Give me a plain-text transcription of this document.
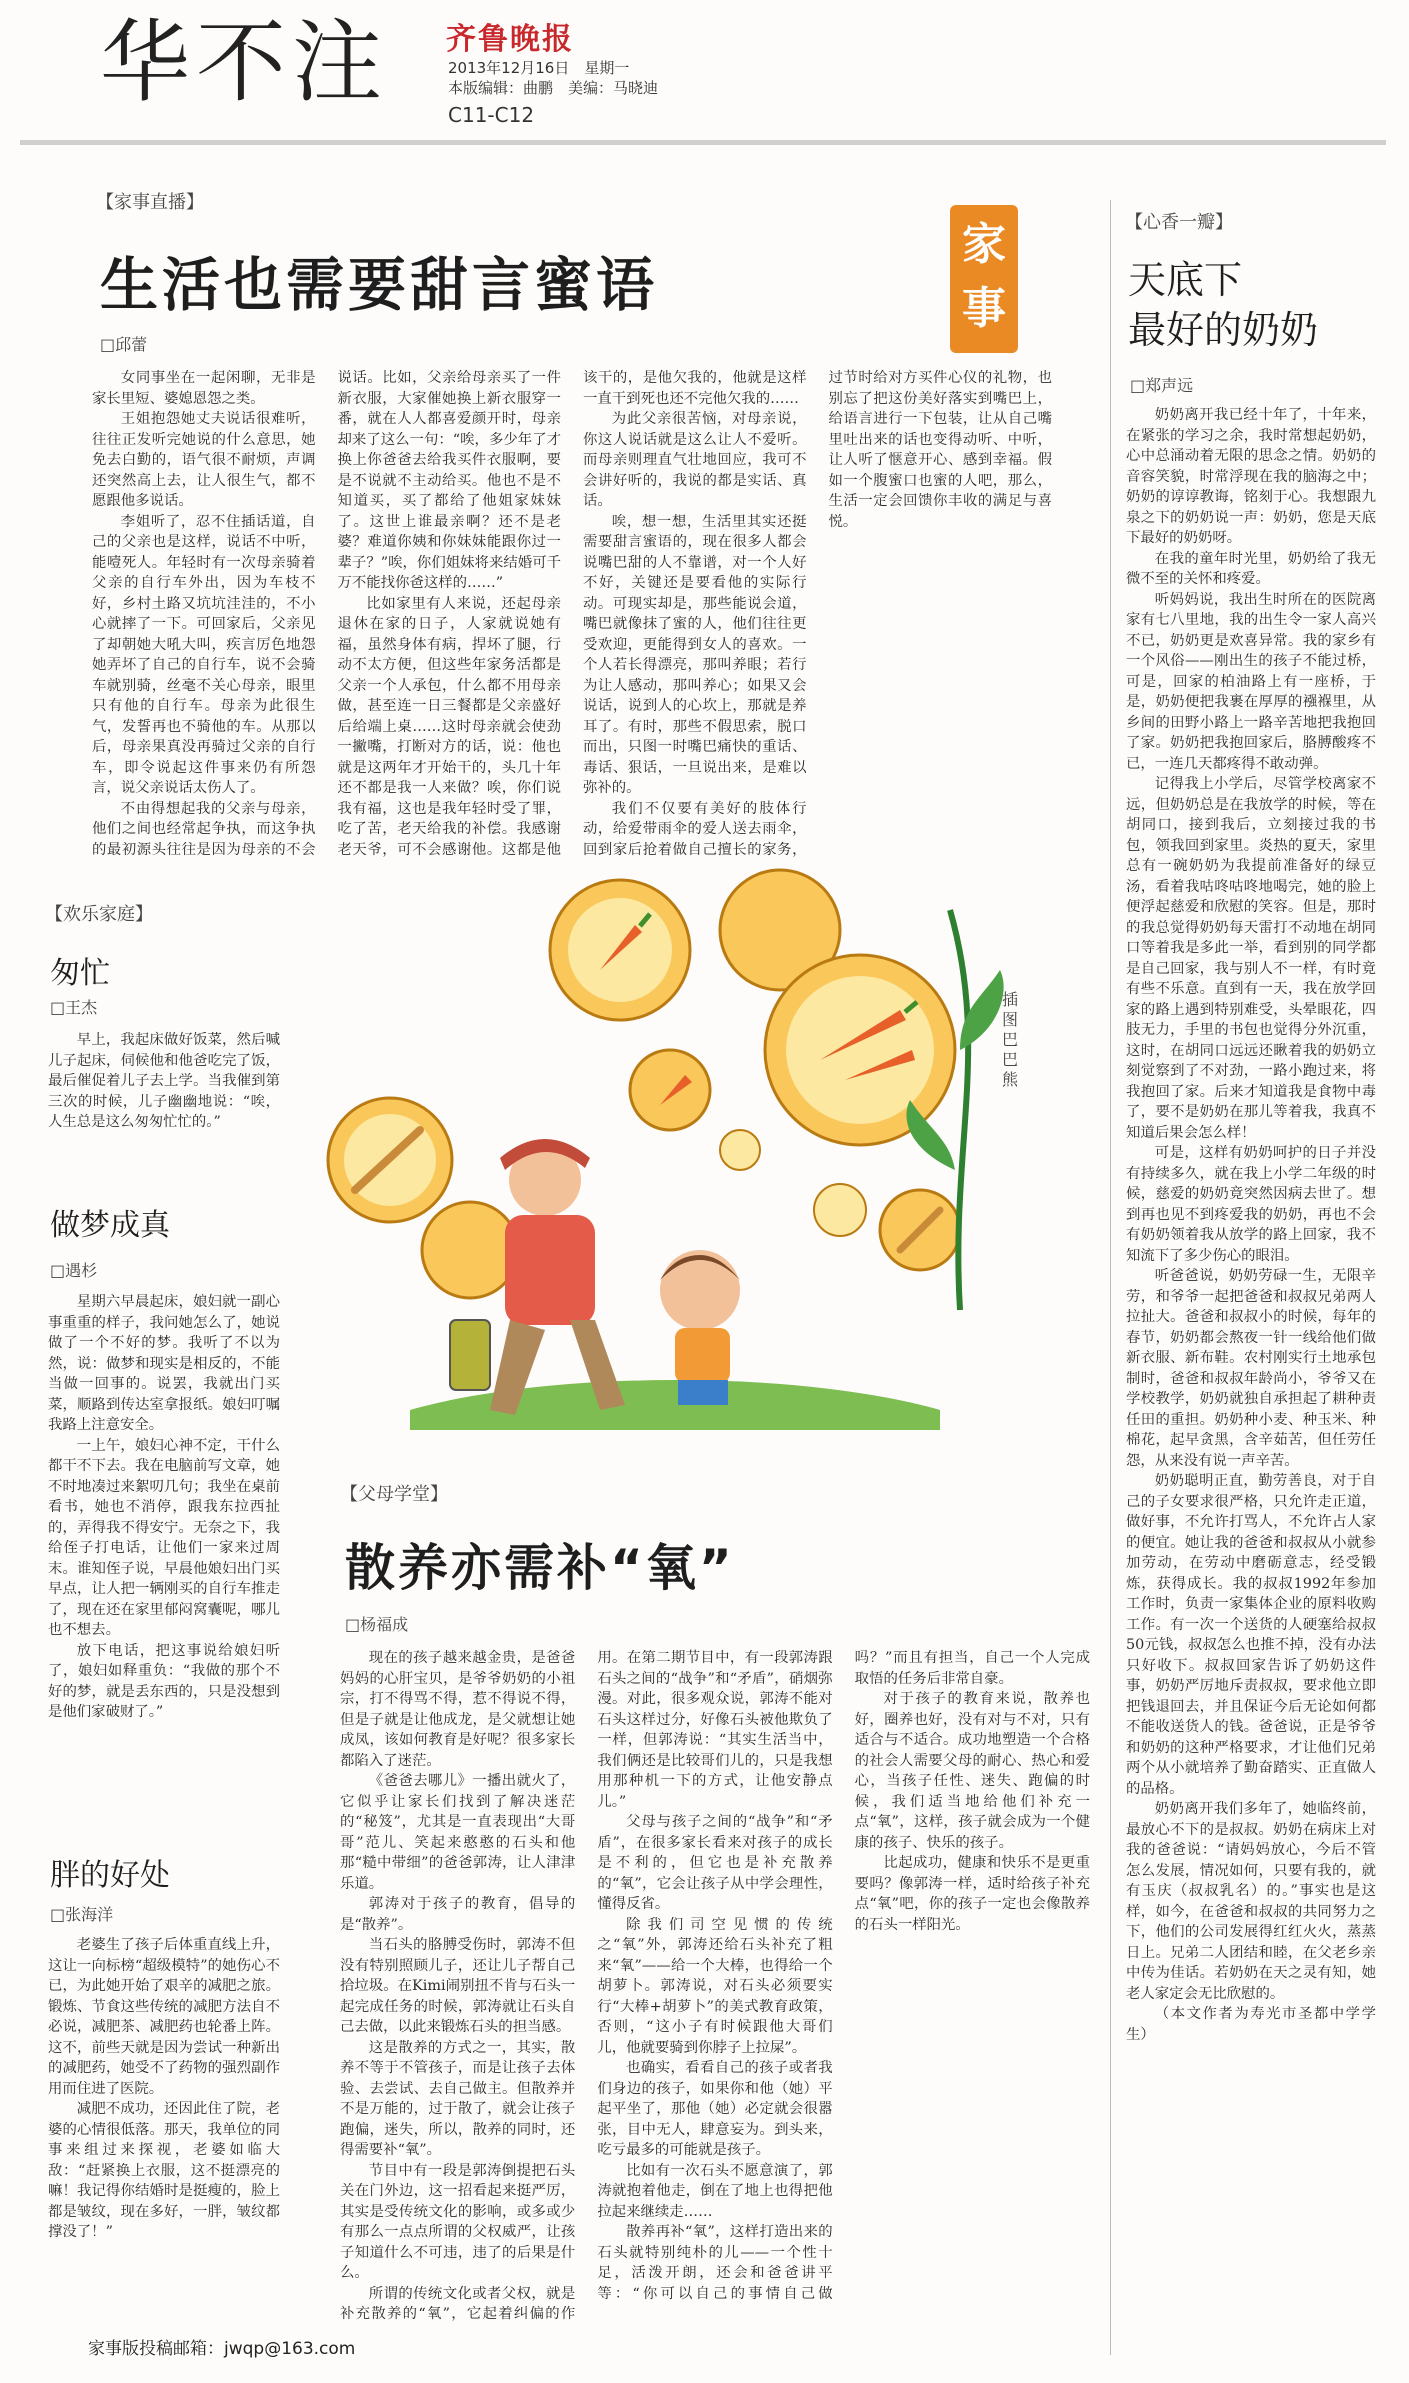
华不注 齐鲁晚报
2013年12月16日　星期一
本版编辑：曲鹏　美编：马晓迪
C11-C12
【家事直播】
生活也需要甜言蜜语
□邱蕾
家事

女同事坐在一起闲聊，无非是家长里短、婆媳恩怨之类。

王姐抱怨她丈夫说话很难听，往往正发听完她说的什么意思，她免去白勤的，语气很不耐烦，声调还突然高上去，让人很生气，都不愿跟他多说话。

李姐听了，忍不住插话道，自己的父亲也是这样，说话不中听，能噎死人。年轻时有一次母亲骑着父亲的自行车外出，因为车枝不好，乡村土路又坑坑洼洼的，不小心就摔了一下。可回家后，父亲见了却朝她大吼大叫，疾言厉色地怨她弄坏了自己的自行车，说不会骑车就别骑，丝毫不关心母亲，眼里只有他的自行车。母亲为此很生气，发誓再也不骑他的车。从那以后，母亲果真没再骑过父亲的自行车，即令说起这件事来仍有所怨言，说父亲说话太伤人了。

不由得想起我的父亲与母亲，他们之间也经常起争执，而这争执的最初源头往往是因为母亲的不会说话。比如，父亲给母亲买了一件新衣服，大家催她换上新衣服穿一番，就在人人都喜爱颜开时，母亲却来了这么一句：“唉，多少年了才换上你爸爸去给我买件衣服啊，要是不说就不主动给买。他也不是不知道买，买了都给了他姐家妹妹了。这世上谁最亲啊？还不是老婆？难道你姨和你妹妹能跟你过一辈子？”唉，你们姐妹将来结婚可千万不能找你爸这样的……”

比如家里有人来说，还起母亲退休在家的日子，人家就说她有福，虽然身体有病，捍坏了腿，行动不太方便，但这些年家务活都是父亲一个人承包，什么都不用母亲做，甚至连一日三餐都是父亲盛好后给端上桌……这时母亲就会使劲一撇嘴，打断对方的话，说：他也就是这两年才开始干的，头几十年还不都是我一人来做？唉，你们说我有福，这也是我年轻时受了罪，吃了苦，老天给我的补偿。我感谢老天爷，可不会感谢他。这都是他该干的，是他欠我的，他就是这样一直干到死也还不完他欠我的……

为此父亲很苦恼，对母亲说，你这人说话就是这么让人不爱听。而母亲则理直气壮地回应，我可不会讲好听的，我说的都是实话、真话。

唉，想一想，生活里其实还挺需要甜言蜜语的，现在很多人都会说嘴巴甜的人不靠谱，对一个人好不好，关键还是要看他的实际行动。可现实却是，那些能说会道，嘴巴就像抹了蜜的人，他们往往更受欢迎，更能得到女人的喜欢。一个人若长得漂亮，那叫养眼；若行为让人感动，那叫养心；如果又会说话，说到人的心坎上，那就是养耳了。有时，那些不假思索，脱口而出，只图一时嘴巴痛快的重话、毒话、狠话，一旦说出来，是难以弥补的。

我们不仅要有美好的肢体行动，给爱带雨伞的爱人送去雨伞，回到家后抢着做自己擅长的家务，过节时给对方买件心仪的礼物，也别忘了把这份美好落实到嘴巴上，给语言进行一下包装，让从自己嘴里吐出来的话也变得动听、中听，让人听了惬意开心、感到幸福。假如一个腹蜜口也蜜的人吧，那么，生活一定会回馈你丰收的满足与喜悦。

【心香一瓣】
天底下
最好的奶奶
□郑声远

奶奶离开我已经十年了，十年来，在紧张的学习之余，我时常想起奶奶，心中总涌动着无限的思念之情。奶奶的音容笑貌，时常浮现在我的脑海之中；奶奶的谆谆教诲，铭刻于心。我想跟九泉之下的奶奶说一声：奶奶，您是天底下最好的奶奶呀。

在我的童年时光里，奶奶给了我无微不至的关怀和疼爱。

听妈妈说，我出生时所在的医院离家有七八里地，我的出生令一家人高兴不已，奶奶更是欢喜异常。我的家乡有一个风俗——刚出生的孩子不能过桥，可是，回家的柏油路上有一座桥，于是，奶奶便把我裹在厚厚的襁褓里，从乡间的田野小路上一路辛苦地把我抱回了家。奶奶把我抱回家后，胳膊酸疼不已，一连几天都疼得不敢动弹。

记得我上小学后，尽管学校离家不远，但奶奶总是在我放学的时候，等在胡同口，接到我后，立刻接过我的书包，领我回到家里。炎热的夏天，家里总有一碗奶奶为我提前准备好的绿豆汤，看着我咕咚咕咚地喝完，她的脸上便浮起慈爱和欣慰的笑容。但是，那时的我总觉得奶奶每天雷打不动地在胡同口等着我是多此一举，看到别的同学都是自己回家，我与别人不一样，有时竟有些不乐意。直到有一天，我在放学回家的路上遇到特别难受，头晕眼花，四肢无力，手里的书包也觉得分外沉重，这时，在胡同口远远还瞅着我的奶奶立刻觉察到了不对劲，一路小跑过来，将我抱回了家。后来才知道我是食物中毒了，要不是奶奶在那儿等着我，我真不知道后果会怎么样！

可是，这样有奶奶呵护的日子并没有持续多久，就在我上小学二年级的时候，慈爱的奶奶竟突然因病去世了。想到再也见不到疼爱我的奶奶，再也不会有奶奶领着我从放学的路上回家，我不知流下了多少伤心的眼泪。

听爸爸说，奶奶劳碌一生，无限辛劳，和爷爷一起把爸爸和叔叔兄弟两人拉扯大。爸爸和叔叔小的时候，每年的春节，奶奶都会熬夜一针一线给他们做新衣服、新布鞋。农村刚实行土地承包制时，爸爸和叔叔年龄尚小，爷爷又在学校教学，奶奶就独自承担起了耕种责任田的重担。奶奶种小麦、种玉米、种棉花，起早贪黑，含辛茹苦，但任劳任怨，从来没有说一声辛苦。

奶奶聪明正直，勤劳善良，对于自己的子女要求很严格，只允许走正道，做好事，不允许打骂人，不允许占人家的便宜。她让我的爸爸和叔叔从小就参加劳动，在劳动中磨砺意志，经受锻炼，获得成长。我的叔叔1992年参加工作时，负责一家集体企业的原料收购工作。有一次一个送货的人硬塞给叔叔50元钱，叔叔怎么也推不掉，没有办法只好收下。叔叔回家告诉了奶奶这件事，奶奶严厉地斥责叔叔，要求他立即把钱退回去，并且保证今后无论如何都不能收送货人的钱。爸爸说，正是爷爷和奶奶的这种严格要求，才让他们兄弟两个从小就培养了勤奋踏实、正直做人的品格。

奶奶离开我们多年了，她临终前，最放心不下的是叔叔。奶奶在病床上对我的爸爸说：“请妈妈放心，今后不管怎么发展，情况如何，只要有我的，就有玉庆（叔叔乳名）的。”事实也是这样，如今，在爸爸和叔叔的共同努力之下，他们的公司发展得红红火火，蒸蒸日上。兄弟二人团结和睦，在父老乡亲中传为佳话。若奶奶在天之灵有知，她老人家定会无比欣慰的。

（本文作者为寿光市圣都中学学生）

【欢乐家庭】
匆忙
□王杰

早上，我起床做好饭菜，然后喊儿子起床，伺候他和他爸吃完了饭，最后催促着儿子去上学。当我催到第三次的时候，儿子幽幽地说：“唉，人生总是这么匆匆忙忙的。”

做梦成真
□遇杉

星期六早晨起床，娘妇就一副心事重重的样子，我问她怎么了，她说做了一个不好的梦。我听了不以为然，说：做梦和现实是相反的，不能当做一回事的。说罢，我就出门买菜，顺路到传达室拿报纸。娘妇叮嘱我路上注意安全。

一上午，娘妇心神不定，干什么都干不下去。我在电脑前写文章，她不时地凑过来絮叨几句；我坐在桌前看书，她也不消停，跟我东拉西扯的，弄得我不得安宁。无奈之下，我给侄子打电话，让他们一家来过周末。谁知侄子说，早晨他娘妇出门买早点，让人把一辆刚买的自行车推走了，现在还在家里郁闷窝囊呢，哪儿也不想去。

放下电话，把这事说给娘妇听了，娘妇如释重负：“我做的那个不好的梦，就是丢东西的，只是没想到是他们家破财了。”

胖的好处
□张海洋

老婆生了孩子后体重直线上升，这让一向标榜“超级模特”的她伤心不已，为此她开始了艰辛的减肥之旅。锻炼、节食这些传统的减肥方法自不必说，减肥茶、减肥药也轮番上阵。这不，前些天就是因为尝试一种新出的减肥药，她受不了药物的强烈副作用而住进了医院。

减肥不成功，还因此住了院，老婆的心情很低落。那天，我单位的同事来组过来探视，老婆如临大敌：“赶紧换上衣服，这不挺漂亮的嘛！我记得你结婚时是挺瘦的，脸上都是皱纹，现在多好，一胖，皱纹都撑没了！”

【父母学堂】
散养亦需补“氧”
□杨福成

现在的孩子越来越金贵，是爸爸妈妈的心肝宝贝，是爷爷奶奶的小祖宗，打不得骂不得，惹不得说不得，但是子就是让他成龙，是父就想让她成凤，该如何教育是好呢？很多家长都陷入了迷茫。

《爸爸去哪儿》一播出就火了，它似乎让家长们找到了解决迷茫的“秘笈”，尤其是一直表现出“大哥哥”范儿、笑起来憨憨的石头和他那“糙中带细”的爸爸郭涛，让人津津乐道。

郭涛对于孩子的教育，倡导的是“散养”。

当石头的胳膊受伤时，郭涛不但没有特别照顾儿子，还让儿子帮自己拾垃圾。在Kimi闹别扭不肯与石头一起完成任务的时候，郭涛就让石头自己去做，以此来锻炼石头的担当感。

这是散养的方式之一，其实，散养不等于不管孩子，而是让孩子去体验、去尝试、去自己做主。但散养并不是万能的，过于散了，就会让孩子跑偏，迷失，所以，散养的同时，还得需要补“氧”。

节目中有一段是郭涛倒提把石头关在门外边，这一招看起来挺严厉，其实是受传统文化的影响，或多或少有那么一点点所谓的父权威严，让孩子知道什么不可违，违了的后果是什么。

所谓的传统文化或者父权，就是补充散养的“氧”，它起着纠偏的作用。在第二期节目中，有一段郭涛跟石头之间的“战争”和“矛盾”，硝烟弥漫。对此，很多观众说，郭涛不能对石头这样过分，好像石头被他欺负了一样，但郭涛说：“其实生活当中，我们俩还是比较哥们儿的，只是我想用那种机一下的方式，让他安静点儿。”

父母与孩子之间的“战争”和“矛盾”，在很多家长看来对孩子的成长是不利的，但它也是补充散养的“氧”，它会让孩子从中学会理性，懂得反省。

除我们司空见惯的传统之“氧”外，郭涛还给石头补充了粗来“氧”——给一个大棒，也得给一个胡萝卜。郭涛说，对石头必须要实行“大棒+胡萝卜”的美式教育政策，否则，“这小子有时候跟他大哥们儿，他就要骑到你脖子上拉屎”。

也确实，看看自己的孩子或者我们身边的孩子，如果你和他（她）平起平坐了，那他（她）必定就会很嚣张，目中无人，肆意妄为。到头来，吃亏最多的可能就是孩子。

比如有一次石头不愿意演了，郭涛就抱着他走，倒在了地上也得把他拉起来继续走……

散养再补“氧”，这样打造出来的石头就特别纯朴的儿——一个性十足，活泼开朗，还会和爸爸讲平等：“你可以自己的事情自己做吗？”而且有担当，自己一个人完成取悟的任务后非常自豪。

对于孩子的教育来说，散养也好，圈养也好，没有对与不对，只有适合与不适合。成功地塑造一个合格的社会人需要父母的耐心、热心和爱心，当孩子任性、迷失、跑偏的时候，我们适当地给他们补充一点“氧”，这样，孩子就会成为一个健康的孩子、快乐的孩子。

比起成功，健康和快乐不是更重要吗？像郭涛一样，适时给孩子补充点“氧”吧，你的孩子一定也会像散养的石头一样阳光。

插图　巴巴熊
家事版投稿邮箱：jwqp@163.com
